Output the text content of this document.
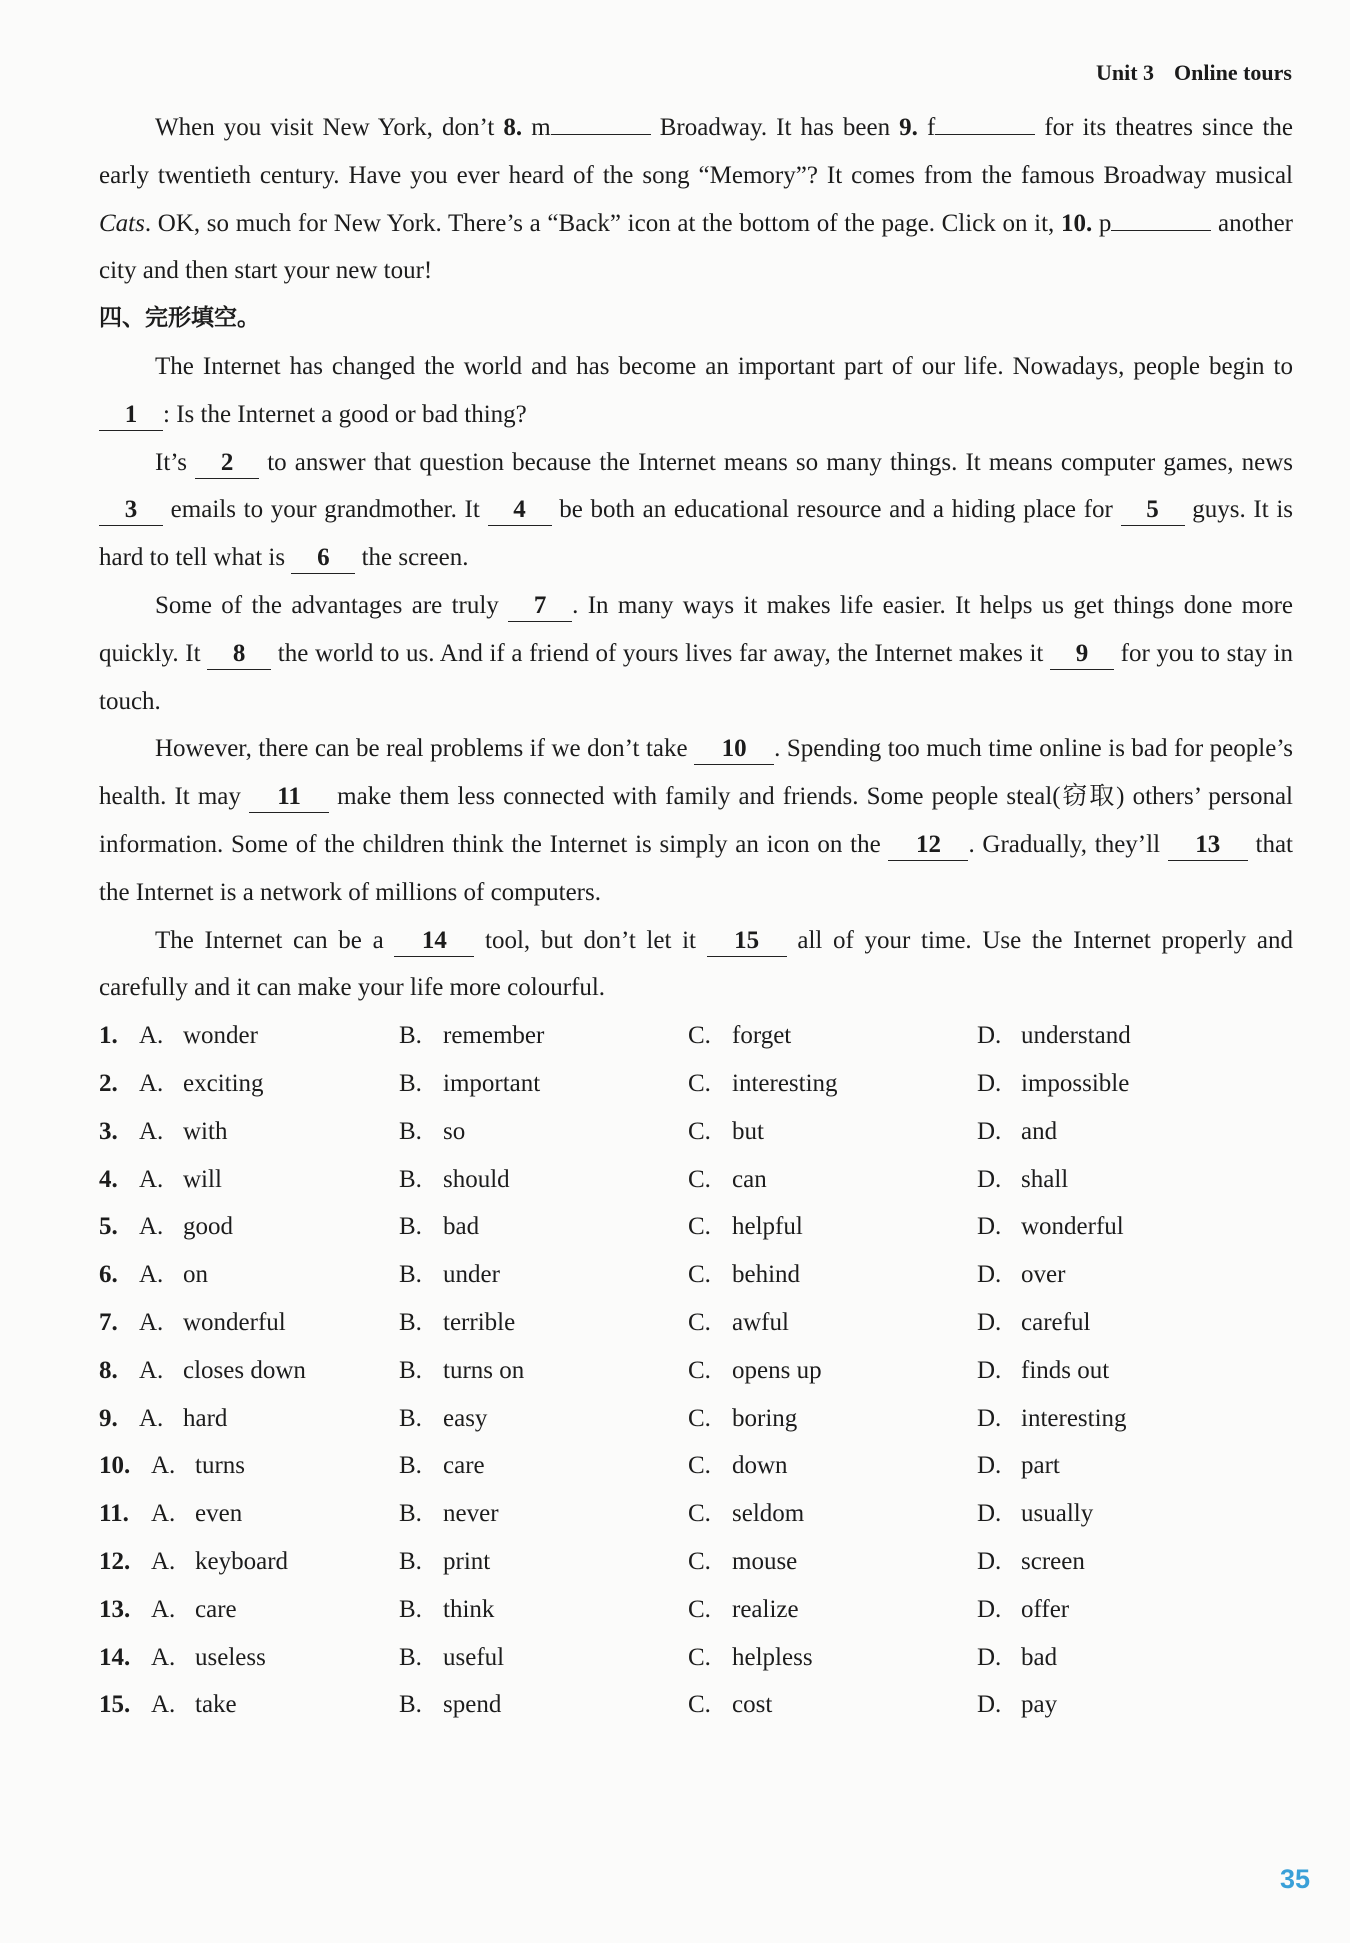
Unit 3 Online tours

When you visit New York, don’t 8. m	Broadway. It has been 9. f	for its theatres since the early twentieth century. Have you ever heard of the song “Memory”? It comes from the famous Broadway musical Cats. OK, so much for New York. There’s a “Back” icon at the bottom of the page. Click on it, 10. p	another city and then start your new tour!

四、完形填空。

The Internet has changed the world and has become an important part of our life. Nowadays, people begin to 1 : Is the Internet a good or bad thing?

It’s 2 to answer that question because the Internet means so many things. It means computer games, news 3 emails to your grandmother. It 4 be both an educational resource and a hiding place for 5 guys. It is hard to tell what is 6 the screen.

Some of the advantages are truly 7 . In many ways it makes life easier. It helps us get things done more quickly. It 8 the world to us. And if a friend of yours lives far away, the Internet makes it 9 for you to stay in touch.

However, there can be real problems if we don’t take 10 . Spending too much time online is bad for people’s health. It may 11 make them less connected with family and friends. Some people steal(窃取) others’ personal information. Some of the children think the Internet is simply an icon on the 12 . Gradually, they’ll 13 that the Internet is a network of millions of computers.

The Internet can be a 14 tool, but don’t let it 15 all of your time. Use the Internet properly and carefully and it can make your life more colourful.

1. A. wonder	B. remember	C. forget	D. understand
2. A. exciting	B. important	C. interesting	D. impossible
3. A. with	B. so	C. but	D. and
4. A. will	B. should	C. can	D. shall
5. A. good	B. bad	C. helpful	D. wonderful
6. A. on	B. under	C. behind	D. over
7. A. wonderful	B. terrible	C. awful	D. careful
8. A. closes down	B. turns on	C. opens up	D. finds out
9. A. hard	B. easy	C. boring	D. interesting
10. A. turns	B. care	C. down	D. part
11. A. even	B. never	C. seldom	D. usually
12. A. keyboard	B. print	C. mouse	D. screen
13. A. care	B. think	C. realize	D. offer
14. A. useless	B. useful	C. helpless	D. bad
15. A. take	B. spend	C. cost	D. pay
35
